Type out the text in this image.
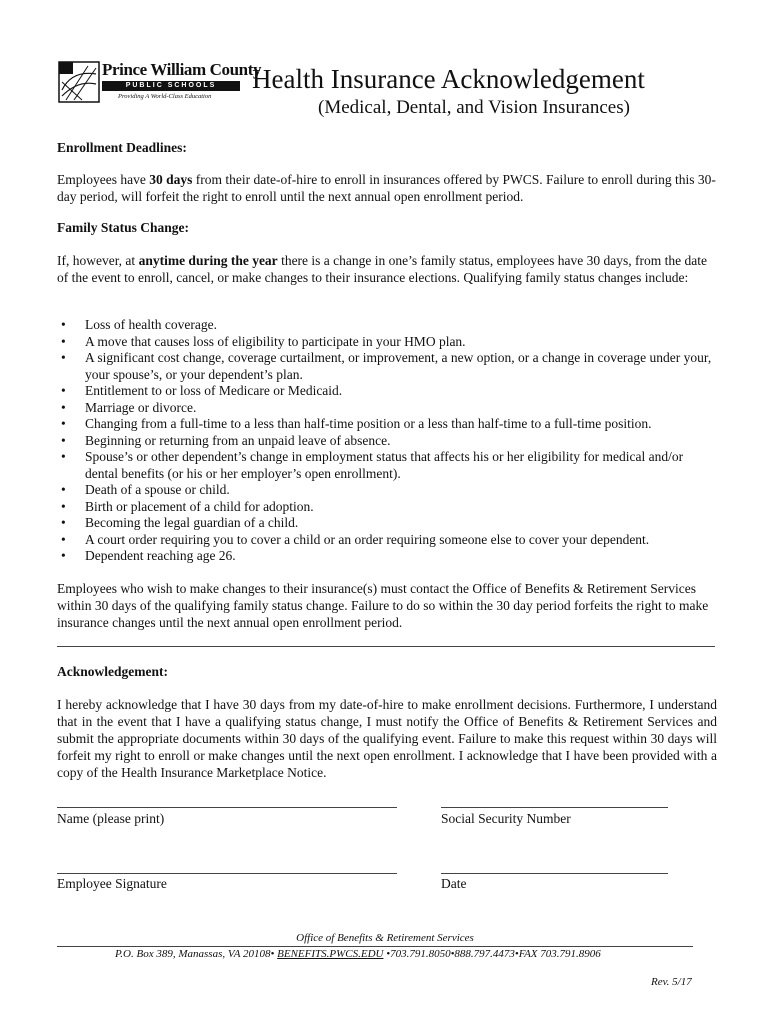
Prince William County
PUBLIC SCHOOLS
Providing A World-Class Education
Health Insurance Acknowledgement
(Medical, Dental, and Vision Insurances)
Enrollment Deadlines:
Employees have 30 days from their date-of-hire to enroll in insurances offered by PWCS. Failure to enroll during this 30-day period, will forfeit the right to enroll until the next annual open enrollment period.
Family Status Change:
If, however, at anytime during the year there is a change in one’s family status, employees have 30 days, from the date of the event to enroll, cancel, or make changes to their insurance elections. Qualifying family status changes include:
• Loss of health coverage.
• A move that causes loss of eligibility to participate in your HMO plan.
• A significant cost change, coverage curtailment, or improvement, a new option, or a change in coverage under your, your spouse’s, or your dependent’s plan.
• Entitlement to or loss of Medicare or Medicaid.
• Marriage or divorce.
• Changing from a full-time to a less than half-time position or a less than half-time to a full-time position.
• Beginning or returning from an unpaid leave of absence.
• Spouse’s or other dependent’s change in employment status that affects his or her eligibility for medical and/or dental benefits (or his or her employer’s open enrollment).
• Death of a spouse or child.
• Birth or placement of a child for adoption.
• Becoming the legal guardian of a child.
• A court order requiring you to cover a child or an order requiring someone else to cover your dependent.
• Dependent reaching age 26.
Employees who wish to make changes to their insurance(s) must contact the Office of Benefits & Retirement Services within 30 days of the qualifying family status change. Failure to do so within the 30 day period forfeits the right to make insurance changes until the next annual open enrollment period.
Acknowledgement:
I hereby acknowledge that I have 30 days from my date-of-hire to make enrollment decisions. Furthermore, I understand that in the event that I have a qualifying status change, I must notify the Office of Benefits & Retirement Services and submit the appropriate documents within 30 days of the qualifying event. Failure to make this request within 30 days will forfeit my right to enroll or make changes until the next open enrollment. I acknowledge that I have been provided with a copy of the Health Insurance Marketplace Notice.
Name (please print)	Social Security Number
Employee Signature	Date
Office of Benefits & Retirement Services
P.O. Box 389, Manassas, VA 20108• BENEFITS.PWCS.EDU •703.791.8050•888.797.4473•FAX 703.791.8906
Rev. 5/17
